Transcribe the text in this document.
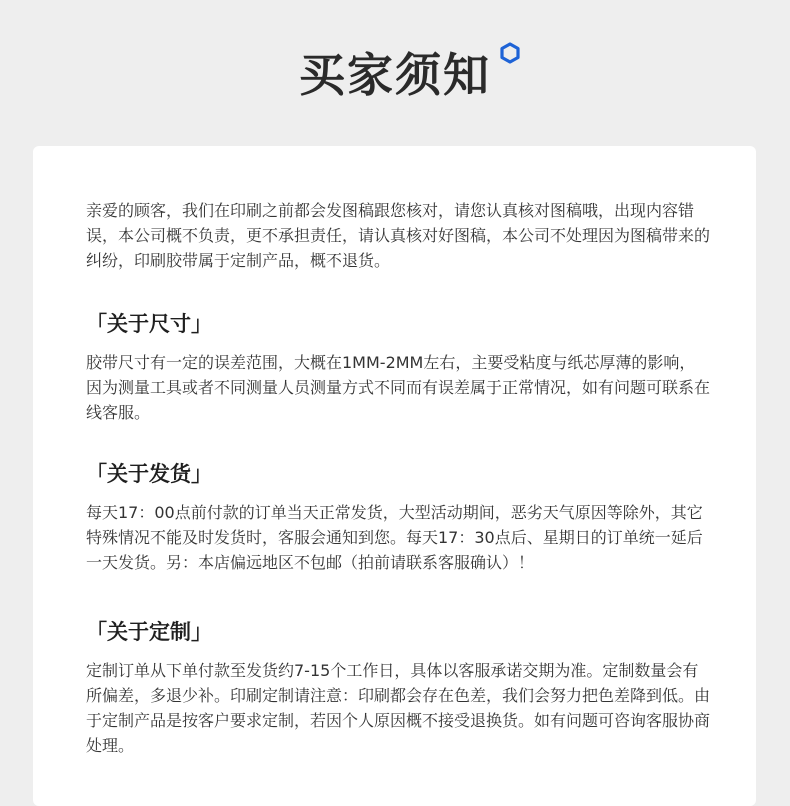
买家须知

亲爱的顾客，我们在印刷之前都会发图稿跟您核对，请您认真核对图稿哦，出现内容错误，本公司概不负责，更不承担责任，请认真核对好图稿，本公司不处理因为图稿带来的纠纷，印刷胶带属于定制产品，概不退货。

「关于尺寸」

胶带尺寸有一定的误差范围，大概在1MM-2MM左右，主要受粘度与纸芯厚薄的影响，因为测量工具或者不同测量人员测量方式不同而有误差属于正常情况，如有问题可联系在线客服。

「关于发货」

每天17：00点前付款的订单当天正常发货，大型活动期间，恶劣天气原因等除外，其它特殊情况不能及时发货时，客服会通知到您。每天17：30点后、星期日的订单统一延后一天发货。另：本店偏远地区不包邮（拍前请联系客服确认）！

「关于定制」

定制订单从下单付款至发货约7-15个工作日，具体以客服承诺交期为准。定制数量会有所偏差，多退少补。印刷定制请注意：印刷都会存在色差，我们会努力把色差降到低。由于定制产品是按客户要求定制，若因个人原因概不接受退换货。如有问题可咨询客服协商处理。
